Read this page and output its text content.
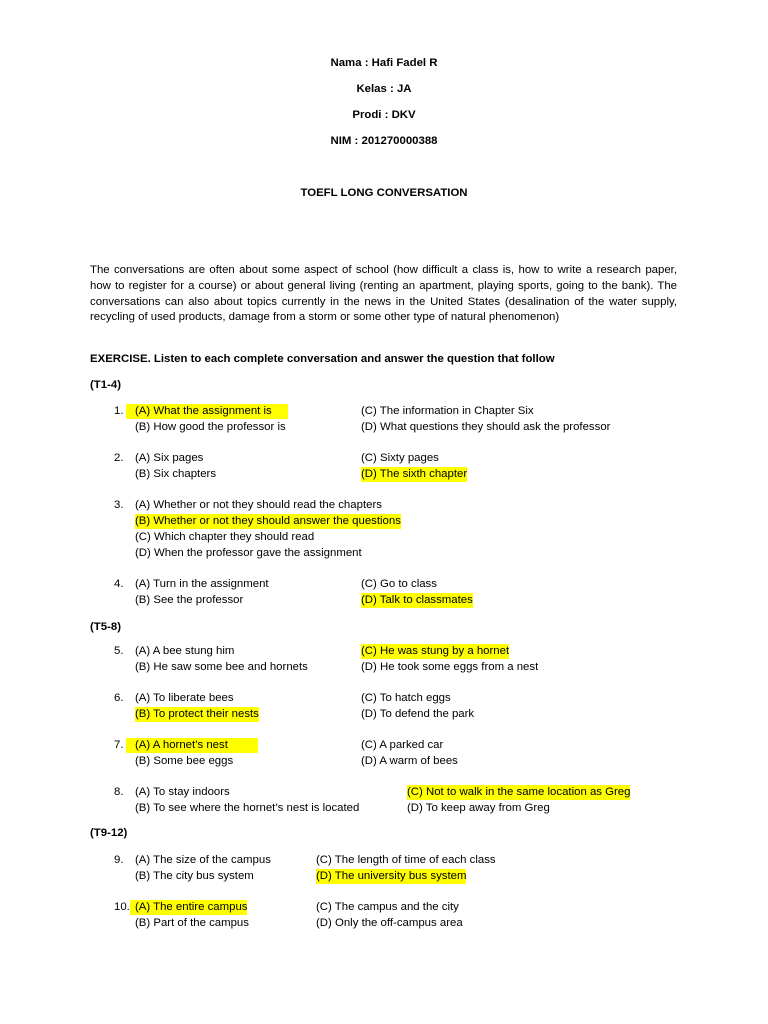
Nama : Hafi Fadel R
Kelas : JA
Prodi : DKV
NIM : 201270000388
TOEFL LONG CONVERSATION
The conversations are often about some aspect of school (how difficult a class is, how to write a research paper, how to register for a course) or about general living (renting an apartment, playing sports, going to the bank). The conversations can also about topics currently in the news in the United States (desalination of the water supply, recycling of used products, damage from a storm or some other type of natural phenomenon)
EXERCISE. Listen to each complete conversation and answer the question that follow
(T1-4)
(T5-8)
(T9-12)
1.	(A) What the assignment is
(B) How good the professor is
(C) The information in Chapter Six
(D) What questions they should ask the professor
2. (A) Six pages
(B) Six chapters
(C) Sixty pages
(D) The sixth chapter
3. (A) Whether or not they should read the chapters
(B) Whether or not they should answer the questions
(C) Which chapter they should read
(D) When the professor gave the assignment
4. (A) Turn in the assignment
(B) See the professor
(C) Go to class
(D) Talk to classmates
5. (A) A bee stung him
(B) He saw some bee and hornets
(C) He was stung by a hornet
(D) He took some eggs from a nest
6. (A) To liberate bees
(B) To protect their nests
(C) To hatch eggs
(D) To defend the park
7.	(A) A hornet’s nest
(B) Some bee eggs
(C) A parked car
(D) A warm of bees
8. (A) To stay indoors
(B) To see where the hornet’s nest is located
(C) Not to walk in the same location as Greg
(D) To keep away from Greg
9. (A) The size of the campus
(B) The city bus system
(C) The length of time of each class
(D) The university bus system
10. (A) The entire campus
(B) Part of the campus
(C) The campus and the city
(D) Only the off-campus area
